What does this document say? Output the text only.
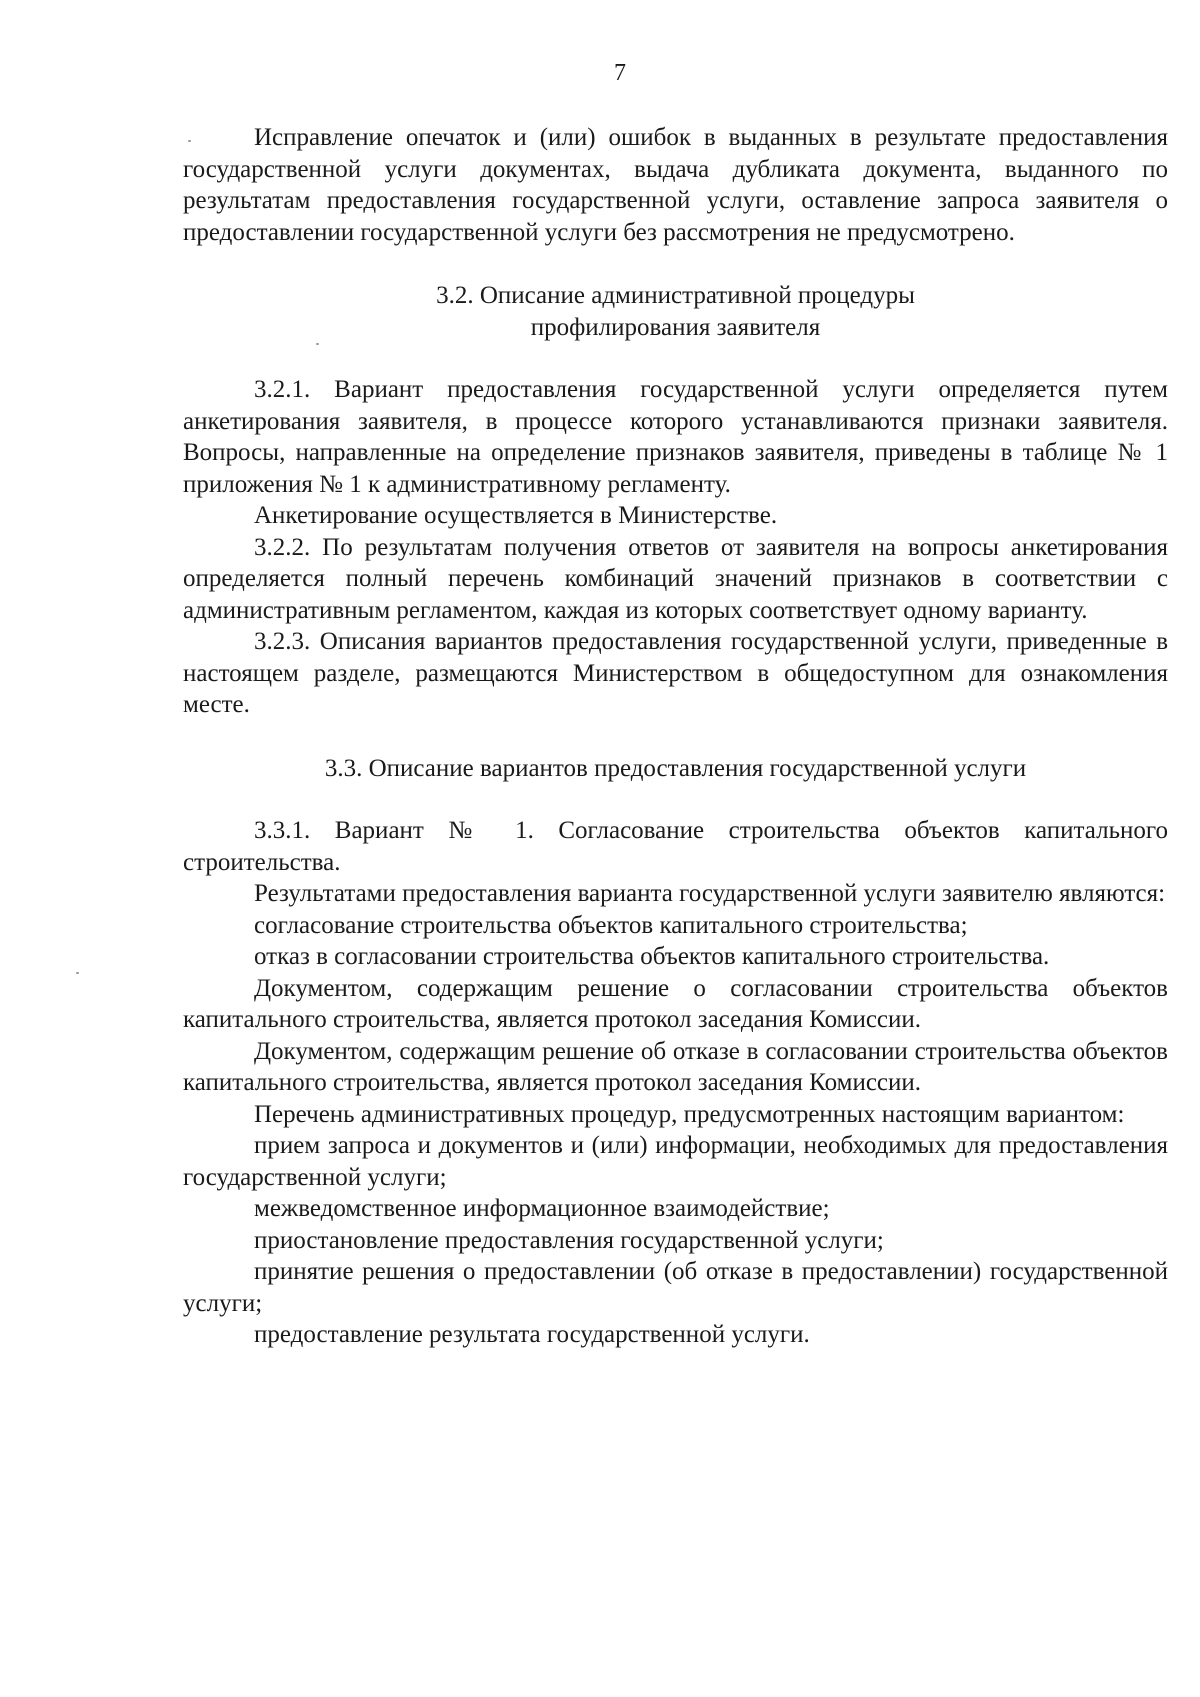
7

Исправление опечаток и (или) ошибок в выданных в результате предоставления государственной услуги документах, выдача дубликата документа, выданного по результатам предоставления государственной услуги, оставление запроса заявителя о предоставлении государственной услуги без рассмотрения не предусмотрено.

3.2. Описание административной процедуры

профилирования заявителя

3.2.1. Вариант предоставления государственной услуги определяется путем анкетирования заявителя, в процессе которого устанавливаются признаки заявителя. Вопросы, направленные на определение признаков заявителя, приведены в таблице № 1 приложения № 1 к административному регламенту.

Анкетирование осуществляется в Министерстве.

3.2.2. По результатам получения ответов от заявителя на вопросы анкетирования определяется полный перечень комбинаций значений признаков в соответствии с административным регламентом, каждая из которых соответствует одному варианту.

3.2.3. Описания вариантов предоставления государственной услуги, приведенные в настоящем разделе, размещаются Министерством в общедоступном для ознакомления месте.

3.3. Описание вариантов предоставления государственной услуги

3.3.1. Вариант № 1. Согласование строительства объектов капитального строительства.

Результатами предоставления варианта государственной услуги заявителю являются:

согласование строительства объектов капитального строительства;

отказ в согласовании строительства объектов капитального строительства.

Документом, содержащим решение о согласовании строительства объектов капитального строительства, является протокол заседания Комиссии.

Документом, содержащим решение об отказе в согласовании строительства объектов капитального строительства, является протокол заседания Комиссии.

Перечень административных процедур, предусмотренных настоящим вариантом:

прием запроса и документов и (или) информации, необходимых для предоставления государственной услуги;

межведомственное информационное взаимодействие;

приостановление предоставления государственной услуги;

принятие решения о предоставлении (об отказе в предоставлении) государственной услуги;

предоставление результата государственной услуги.
